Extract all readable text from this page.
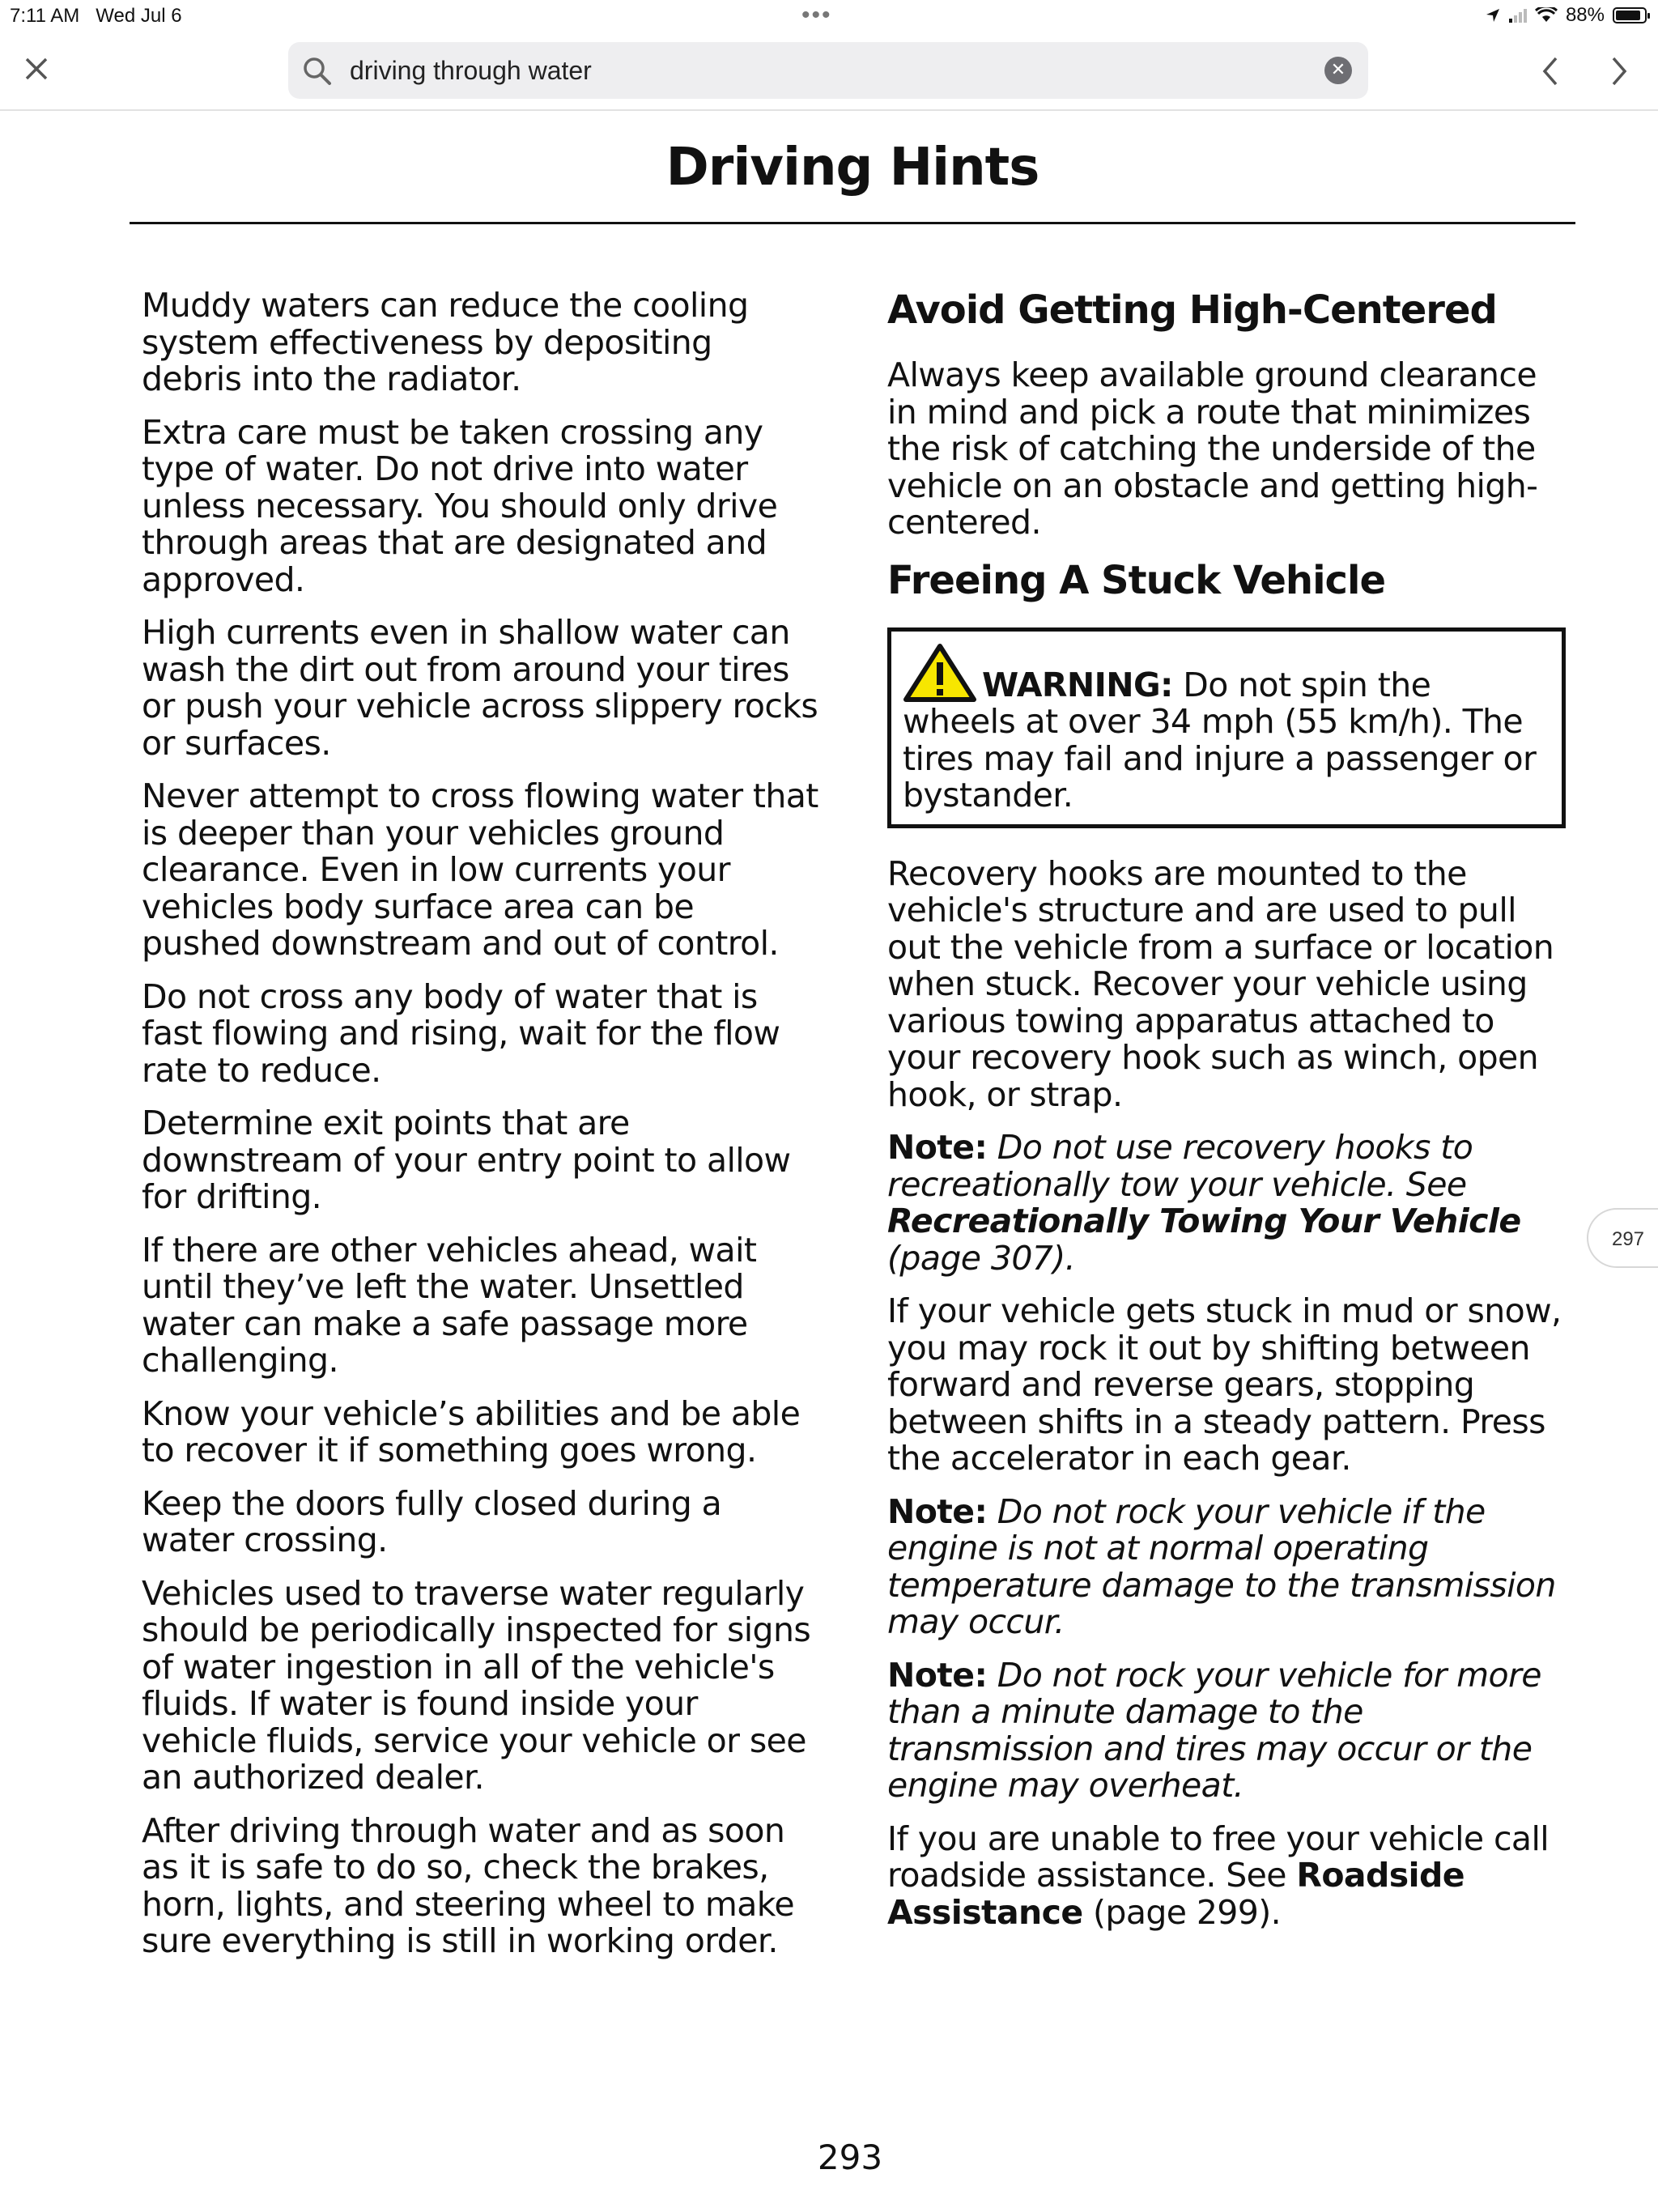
7:11 AM Wed Jul 6	•••	88%
driving through water	✕
Driving Hints

Muddy waters can reduce the cooling system effectiveness by depositing debris into the radiator.

Extra care must be taken crossing any type of water. Do not drive into water unless necessary. You should only drive through areas that are designated and approved.

High currents even in shallow water can wash the dirt out from around your tires or push your vehicle across slippery rocks or surfaces.

Never attempt to cross flowing water that is deeper than your vehicles ground clearance. Even in low currents your vehicles body surface area can be pushed downstream and out of control.

Do not cross any body of water that is fast flowing and rising, wait for the flow rate to reduce.

Determine exit points that are downstream of your entry point to allow for drifting.

If there are other vehicles ahead, wait until they’ve left the water. Unsettled water can make a safe passage more challenging.

Know your vehicle’s abilities and be able to recover it if something goes wrong.

Keep the doors fully closed during a water crossing.

Vehicles used to traverse water regularly should be periodically inspected for signs of water ingestion in all of the vehicle's fluids. If water is found inside your vehicle fluids, service your vehicle or see an authorized dealer.

After driving through water and as soon as it is safe to do so, check the brakes, horn, lights, and steering wheel to make sure everything is still in working order.

Avoid Getting High-Centered

Always keep available ground clearance in mind and pick a route that minimizes the risk of catching the underside of the vehicle on an obstacle and getting high-centered.

Freeing A Stuck Vehicle
WARNING: Do not spin the wheels at over 34 mph (55 km/h). The tires may fail and injure a passenger or bystander.

Recovery hooks are mounted to the vehicle's structure and are used to pull out the vehicle from a surface or location when stuck. Recover your vehicle using various towing apparatus attached to your recovery hook such as winch, open hook, or strap.

Note: Do not use recovery hooks to recreationally tow your vehicle. See Recreationally Towing Your Vehicle (page 307).

If your vehicle gets stuck in mud or snow, you may rock it out by shifting between forward and reverse gears, stopping between shifts in a steady pattern. Press the accelerator in each gear.

Note: Do not rock your vehicle if the engine is not at normal operating temperature damage to the transmission may occur.

Note: Do not rock your vehicle for more than a minute damage to the transmission and tires may occur or the engine may overheat.

If you are unable to free your vehicle call roadside assistance. See Roadside Assistance (page 299).

297
293
